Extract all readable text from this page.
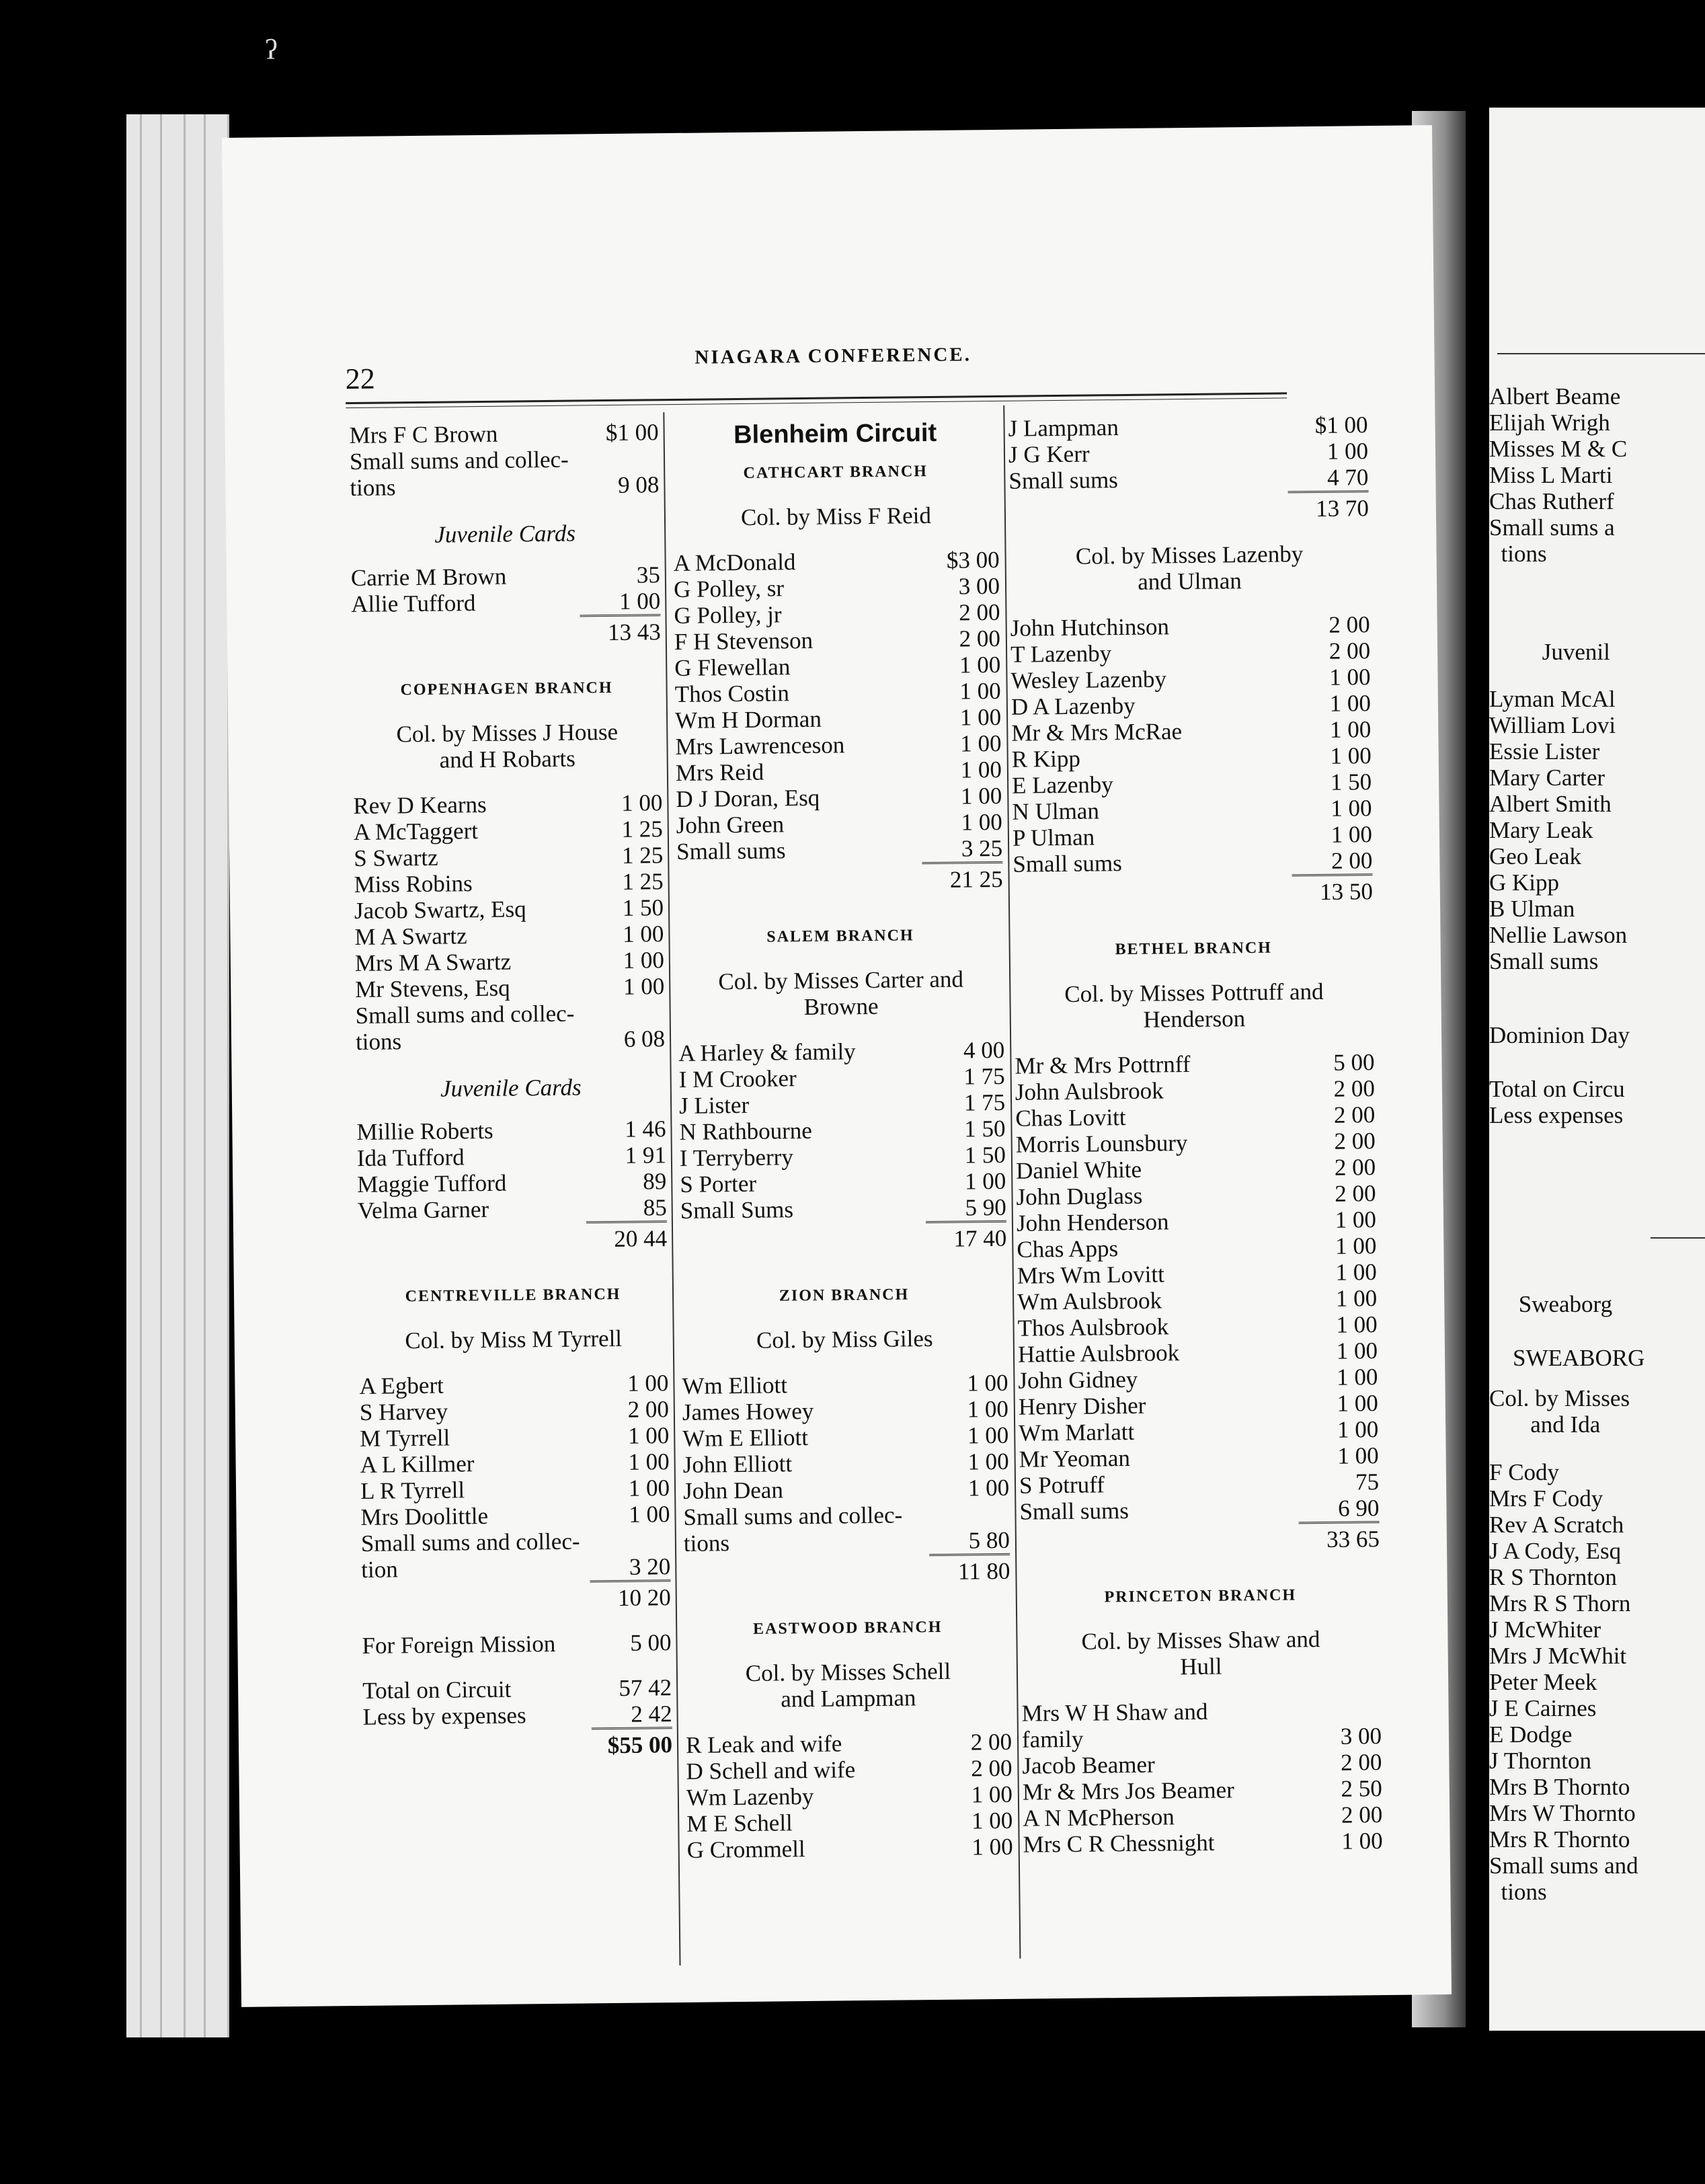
ˀ
22
NIAGARA CONFERENCE.
Mrs F C Brown	$1 00
Small sums and collec-
tions	9 08
Juvenile Cards
Carrie M Brown	35
Allie Tufford	1 00
13 43
COPENHAGEN BRANCH
Col. by Misses J House
and H Robarts
Rev D Kearns	1 00
A McTaggert	1 25
S Swartz	1 25
Miss Robins	1 25
Jacob Swartz, Esq	1 50
M A Swartz	1 00
Mrs M A Swartz	1 00
Mr Stevens, Esq	1 00
Small sums and collec-
tions	6 08
Juvenile Cards
Millie Roberts	1 46
Ida Tufford	1 91
Maggie Tufford	89
Velma Garner	85
20 44
CENTREVILLE BRANCH
Col. by Miss M Tyrrell
A Egbert	1 00
S Harvey	2 00
M Tyrrell	1 00
A L Killmer	1 00
L R Tyrrell	1 00
Mrs Doolittle	1 00
Small sums and collec-
tion	3 20
10 20
For Foreign Mission	5 00
Total on Circuit	57 42
Less by expenses	2 42
$55 00
Blenheim Circuit
CATHCART BRANCH
Col. by Miss F Reid
A McDonald	$3 00
G Polley, sr	3 00
G Polley, jr	2 00
F H Stevenson	2 00
G Flewellan	1 00
Thos Costin	1 00
Wm H Dorman	1 00
Mrs Lawrenceson	1 00
Mrs Reid	1 00
D J Doran, Esq	1 00
John Green	1 00
Small sums	3 25
21 25
SALEM BRANCH
Col. by Misses Carter and
Browne
A Harley & family	4 00
I M Crooker	1 75
J Lister	1 75
N Rathbourne	1 50
I Terryberry	1 50
S Porter	1 00
Small Sums	5 90
17 40
ZION BRANCH
Col. by Miss Giles
Wm Elliott	1 00
James Howey	1 00
Wm E Elliott	1 00
John Elliott	1 00
John Dean	1 00
Small sums and collec-
tions	5 80
11 80
EASTWOOD BRANCH
Col. by Misses Schell
and Lampman
R Leak and wife	2 00
D Schell and wife	2 00
Wm Lazenby	1 00
M E Schell	1 00
G Crommell	1 00
J Lampman	$1 00
J G Kerr	1 00
Small sums	4 70
13 70
Col. by Misses Lazenby
and Ulman
John Hutchinson	2 00
T Lazenby	2 00
Wesley Lazenby	1 00
D A Lazenby	1 00
Mr & Mrs McRae	1 00
R Kipp	1 00
E Lazenby	1 50
N Ulman	1 00
P Ulman	1 00
Small sums	2 00
13 50
BETHEL BRANCH
Col. by Misses Pottruff and
Henderson
Mr & Mrs Pottrnff	5 00
John Aulsbrook	2 00
Chas Lovitt	2 00
Morris Lounsbury	2 00
Daniel White	2 00
John Duglass	2 00
John Henderson	1 00
Chas Apps	1 00
Mrs Wm Lovitt	1 00
Wm Aulsbrook	1 00
Thos Aulsbrook	1 00
Hattie Aulsbrook	1 00
John Gidney	1 00
Henry Disher	1 00
Wm Marlatt	1 00
Mr Yeoman	1 00
S Potruff	75
Small sums	6 90
33 65
PRINCETON BRANCH
Col. by Misses Shaw and
Hull
Mrs W H Shaw and
family	3 00
Jacob Beamer	2 00
Mr & Mrs Jos Beamer	2 50
A N McPherson	2 00
Mrs C R Chessnight	1 00
Albert Beame
Elijah Wrigh
Misses M & C
Miss L Marti
Chas Rutherf
Small sums a
tions
Juvenil
Lyman McAl
William Lovi
Essie Lister
Mary Carter
Albert Smith
Mary Leak
Geo Leak
G Kipp
B Ulman
Nellie Lawson
Small sums
Dominion Day
Total on Circu
Less expenses
Sweaborg
SWEABORG
Col. by Misses
and Ida
F Cody
Mrs F Cody
Rev A Scratch
J A Cody, Esq
R S Thornton
Mrs R S Thorn
J McWhiter
Mrs J McWhit
Peter Meek
J E Cairnes
E Dodge
J Thornton
Mrs B Thornto
Mrs W Thornto
Mrs R Thornto
Small sums and
tions
